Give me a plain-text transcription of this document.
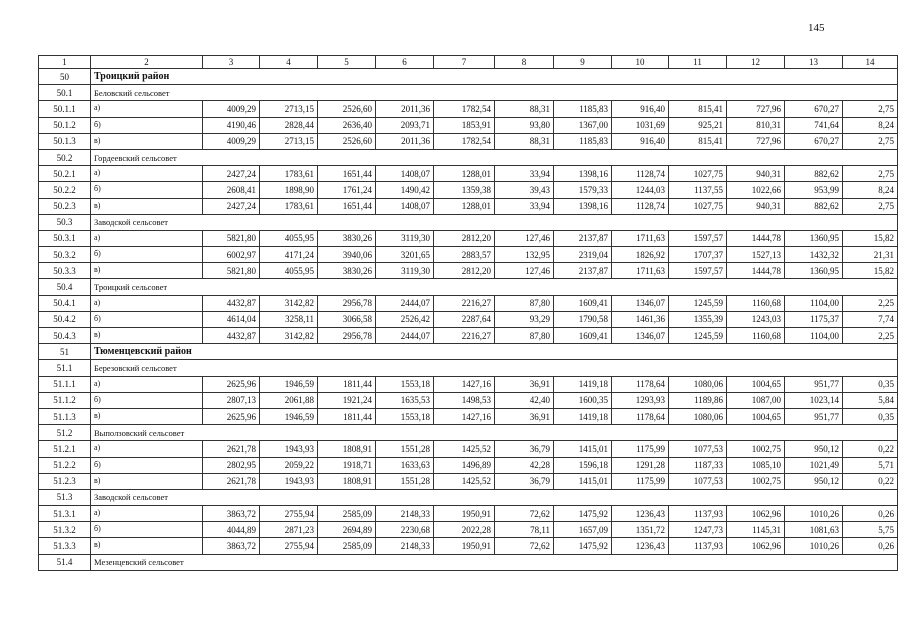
145
1	2	3	4	5	6	7	8	9	10	11	12	13	14
50	Троицкий район												
50.1	Беловский сельсовет												
50.1.1	а)	4009,29	2713,15	2526,60	2011,36	1782,54	88,31	1185,83	916,40	815,41	727,96	670,27	2,75
50.1.2	б)	4190,46	2828,44	2636,40	2093,71	1853,91	93,80	1367,00	1031,69	925,21	810,31	741,64	8,24
50.1.3	в)	4009,29	2713,15	2526,60	2011,36	1782,54	88,31	1185,83	916,40	815,41	727,96	670,27	2,75
50.2	Гордеевский сельсовет												
50.2.1	а)	2427,24	1783,61	1651,44	1408,07	1288,01	33,94	1398,16	1128,74	1027,75	940,31	882,62	2,75
50.2.2	б)	2608,41	1898,90	1761,24	1490,42	1359,38	39,43	1579,33	1244,03	1137,55	1022,66	953,99	8,24
50.2.3	в)	2427,24	1783,61	1651,44	1408,07	1288,01	33,94	1398,16	1128,74	1027,75	940,31	882,62	2,75
50.3	Заводской сельсовет												
50.3.1	а)	5821,80	4055,95	3830,26	3119,30	2812,20	127,46	2137,87	1711,63	1597,57	1444,78	1360,95	15,82
50.3.2	б)	6002,97	4171,24	3940,06	3201,65	2883,57	132,95	2319,04	1826,92	1707,37	1527,13	1432,32	21,31
50.3.3	в)	5821,80	4055,95	3830,26	3119,30	2812,20	127,46	2137,87	1711,63	1597,57	1444,78	1360,95	15,82
50.4	Троицкий сельсовет												
50.4.1	а)	4432,87	3142,82	2956,78	2444,07	2216,27	87,80	1609,41	1346,07	1245,59	1160,68	1104,00	2,25
50.4.2	б)	4614,04	3258,11	3066,58	2526,42	2287,64	93,29	1790,58	1461,36	1355,39	1243,03	1175,37	7,74
50.4.3	в)	4432,87	3142,82	2956,78	2444,07	2216,27	87,80	1609,41	1346,07	1245,59	1160,68	1104,00	2,25
51	Тюменцевский район												
51.1	Березовский сельсовет												
51.1.1	а)	2625,96	1946,59	1811,44	1553,18	1427,16	36,91	1419,18	1178,64	1080,06	1004,65	951,77	0,35
51.1.2	б)	2807,13	2061,88	1921,24	1635,53	1498,53	42,40	1600,35	1293,93	1189,86	1087,00	1023,14	5,84
51.1.3	в)	2625,96	1946,59	1811,44	1553,18	1427,16	36,91	1419,18	1178,64	1080,06	1004,65	951,77	0,35
51.2	Выползовский сельсовет												
51.2.1	а)	2621,78	1943,93	1808,91	1551,28	1425,52	36,79	1415,01	1175,99	1077,53	1002,75	950,12	0,22
51.2.2	б)	2802,95	2059,22	1918,71	1633,63	1496,89	42,28	1596,18	1291,28	1187,33	1085,10	1021,49	5,71
51.2.3	в)	2621,78	1943,93	1808,91	1551,28	1425,52	36,79	1415,01	1175,99	1077,53	1002,75	950,12	0,22
51.3	Заводской сельсовет												
51.3.1	а)	3863,72	2755,94	2585,09	2148,33	1950,91	72,62	1475,92	1236,43	1137,93	1062,96	1010,26	0,26
51.3.2	б)	4044,89	2871,23	2694,89	2230,68	2022,28	78,11	1657,09	1351,72	1247,73	1145,31	1081,63	5,75
51.3.3	в)	3863,72	2755,94	2585,09	2148,33	1950,91	72,62	1475,92	1236,43	1137,93	1062,96	1010,26	0,26
51.4	Мезенцевский сельсовет												
